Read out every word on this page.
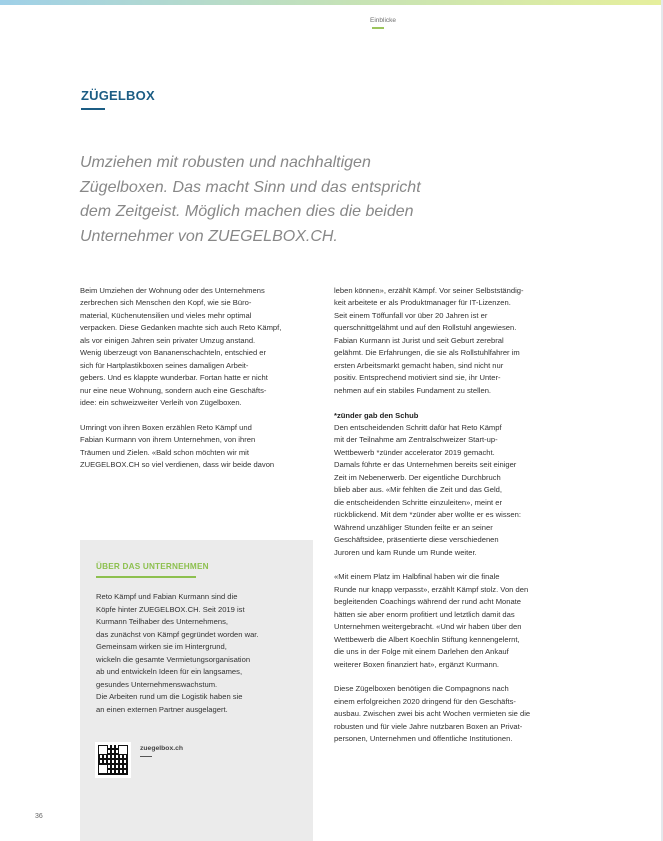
Einblicke
ZÜGELBOX
Umziehen mit robusten und nachhaltigen
Zügelboxen. Das macht Sinn und das entspricht
dem Zeitgeist. Möglich machen dies die beiden
Unternehmer von ZUEGELBOX.CH.
Beim Umziehen der Wohnung oder des Unternehmens
zerbrechen sich Menschen den Kopf, wie sie Büro-
material, Küchenutensilien und vieles mehr optimal
verpacken. Diese Gedanken machte sich auch Reto Kämpf,
als vor einigen Jahren sein privater Umzug anstand.
Wenig überzeugt von Bananenschachteln, entschied er
sich für Hartplastikboxen seines damaligen Arbeit-
gebers. Und es klappte wunderbar. Fortan hatte er nicht
nur eine neue Wohnung, sondern auch eine Geschäfts-
idee: ein schweizweiter Verleih von Zügelboxen.
Umringt von ihren Boxen erzählen Reto Kämpf und
Fabian Kurmann von ihrem Unternehmen, von ihren
Träumen und Zielen. «Bald schon möchten wir mit
ZUEGELBOX.CH so viel verdienen, dass wir beide davon
leben können», erzählt Kämpf. Vor seiner Selbstständig-
keit arbeitete er als Produktmanager für IT-Lizenzen.
Seit einem Töffunfall vor über 20 Jahren ist er
querschnittgelähmt und auf den Rollstuhl angewiesen.
Fabian Kurmann ist Jurist und seit Geburt zerebral
gelähmt. Die Erfahrungen, die sie als Rollstuhlfahrer im
ersten Arbeitsmarkt gemacht haben, sind nicht nur
positiv. Entsprechend motiviert sind sie, ihr Unter-
nehmen auf ein stabiles Fundament zu stellen.
*zünder gab den Schub
Den entscheidenden Schritt dafür hat Reto Kämpf
mit der Teilnahme am Zentralschweizer Start-up-
Wettbewerb *zünder accelerator 2019 gemacht.
Damals führte er das Unternehmen bereits seit einiger
Zeit im Nebenerwerb. Der eigentliche Durchbruch
blieb aber aus. «Mir fehlten die Zeit und das Geld,
die entscheidenden Schritte einzuleiten», meint er
rückblickend. Mit dem *zünder aber wollte er es wissen:
Während unzähliger Stunden feilte er an seiner
Geschäftsidee, präsentierte diese verschiedenen
Juroren und kam Runde um Runde weiter.
«Mit einem Platz im Halbfinal haben wir die finale
Runde nur knapp verpasst», erzählt Kämpf stolz. Von den
begleitenden Coachings während der rund acht Monate
hätten sie aber enorm profitiert und letztlich damit das
Unternehmen weitergebracht. «Und wir haben über den
Wettbewerb die Albert Koechlin Stiftung kennengelernt,
die uns in der Folge mit einem Darlehen den Ankauf
weiterer Boxen finanziert hat», ergänzt Kurmann.
Diese Zügelboxen benötigen die Compagnons nach
einem erfolgreichen 2020 dringend für den Geschäfts-
ausbau. Zwischen zwei bis acht Wochen vermieten sie die
robusten und für viele Jahre nutzbaren Boxen an Privat-
personen, Unternehmen und öffentliche Institutionen.
ÜBER DAS UNTERNEHMEN
Reto Kämpf und Fabian Kurmann sind die
Köpfe hinter ZUEGELBOX.CH. Seit 2019 ist
Kurmann Teilhaber des Unternehmens,
das zunächst von Kämpf gegründet worden war.
Gemeinsam wirken sie im Hintergrund,
wickeln die gesamte Vermietungsorganisation
ab und entwickeln Ideen für ein langsames,
gesundes Unternehmenswachstum.
Die Arbeiten rund um die Logistik haben sie
an einen externen Partner ausgelagert.
zuegelbox.ch
36
